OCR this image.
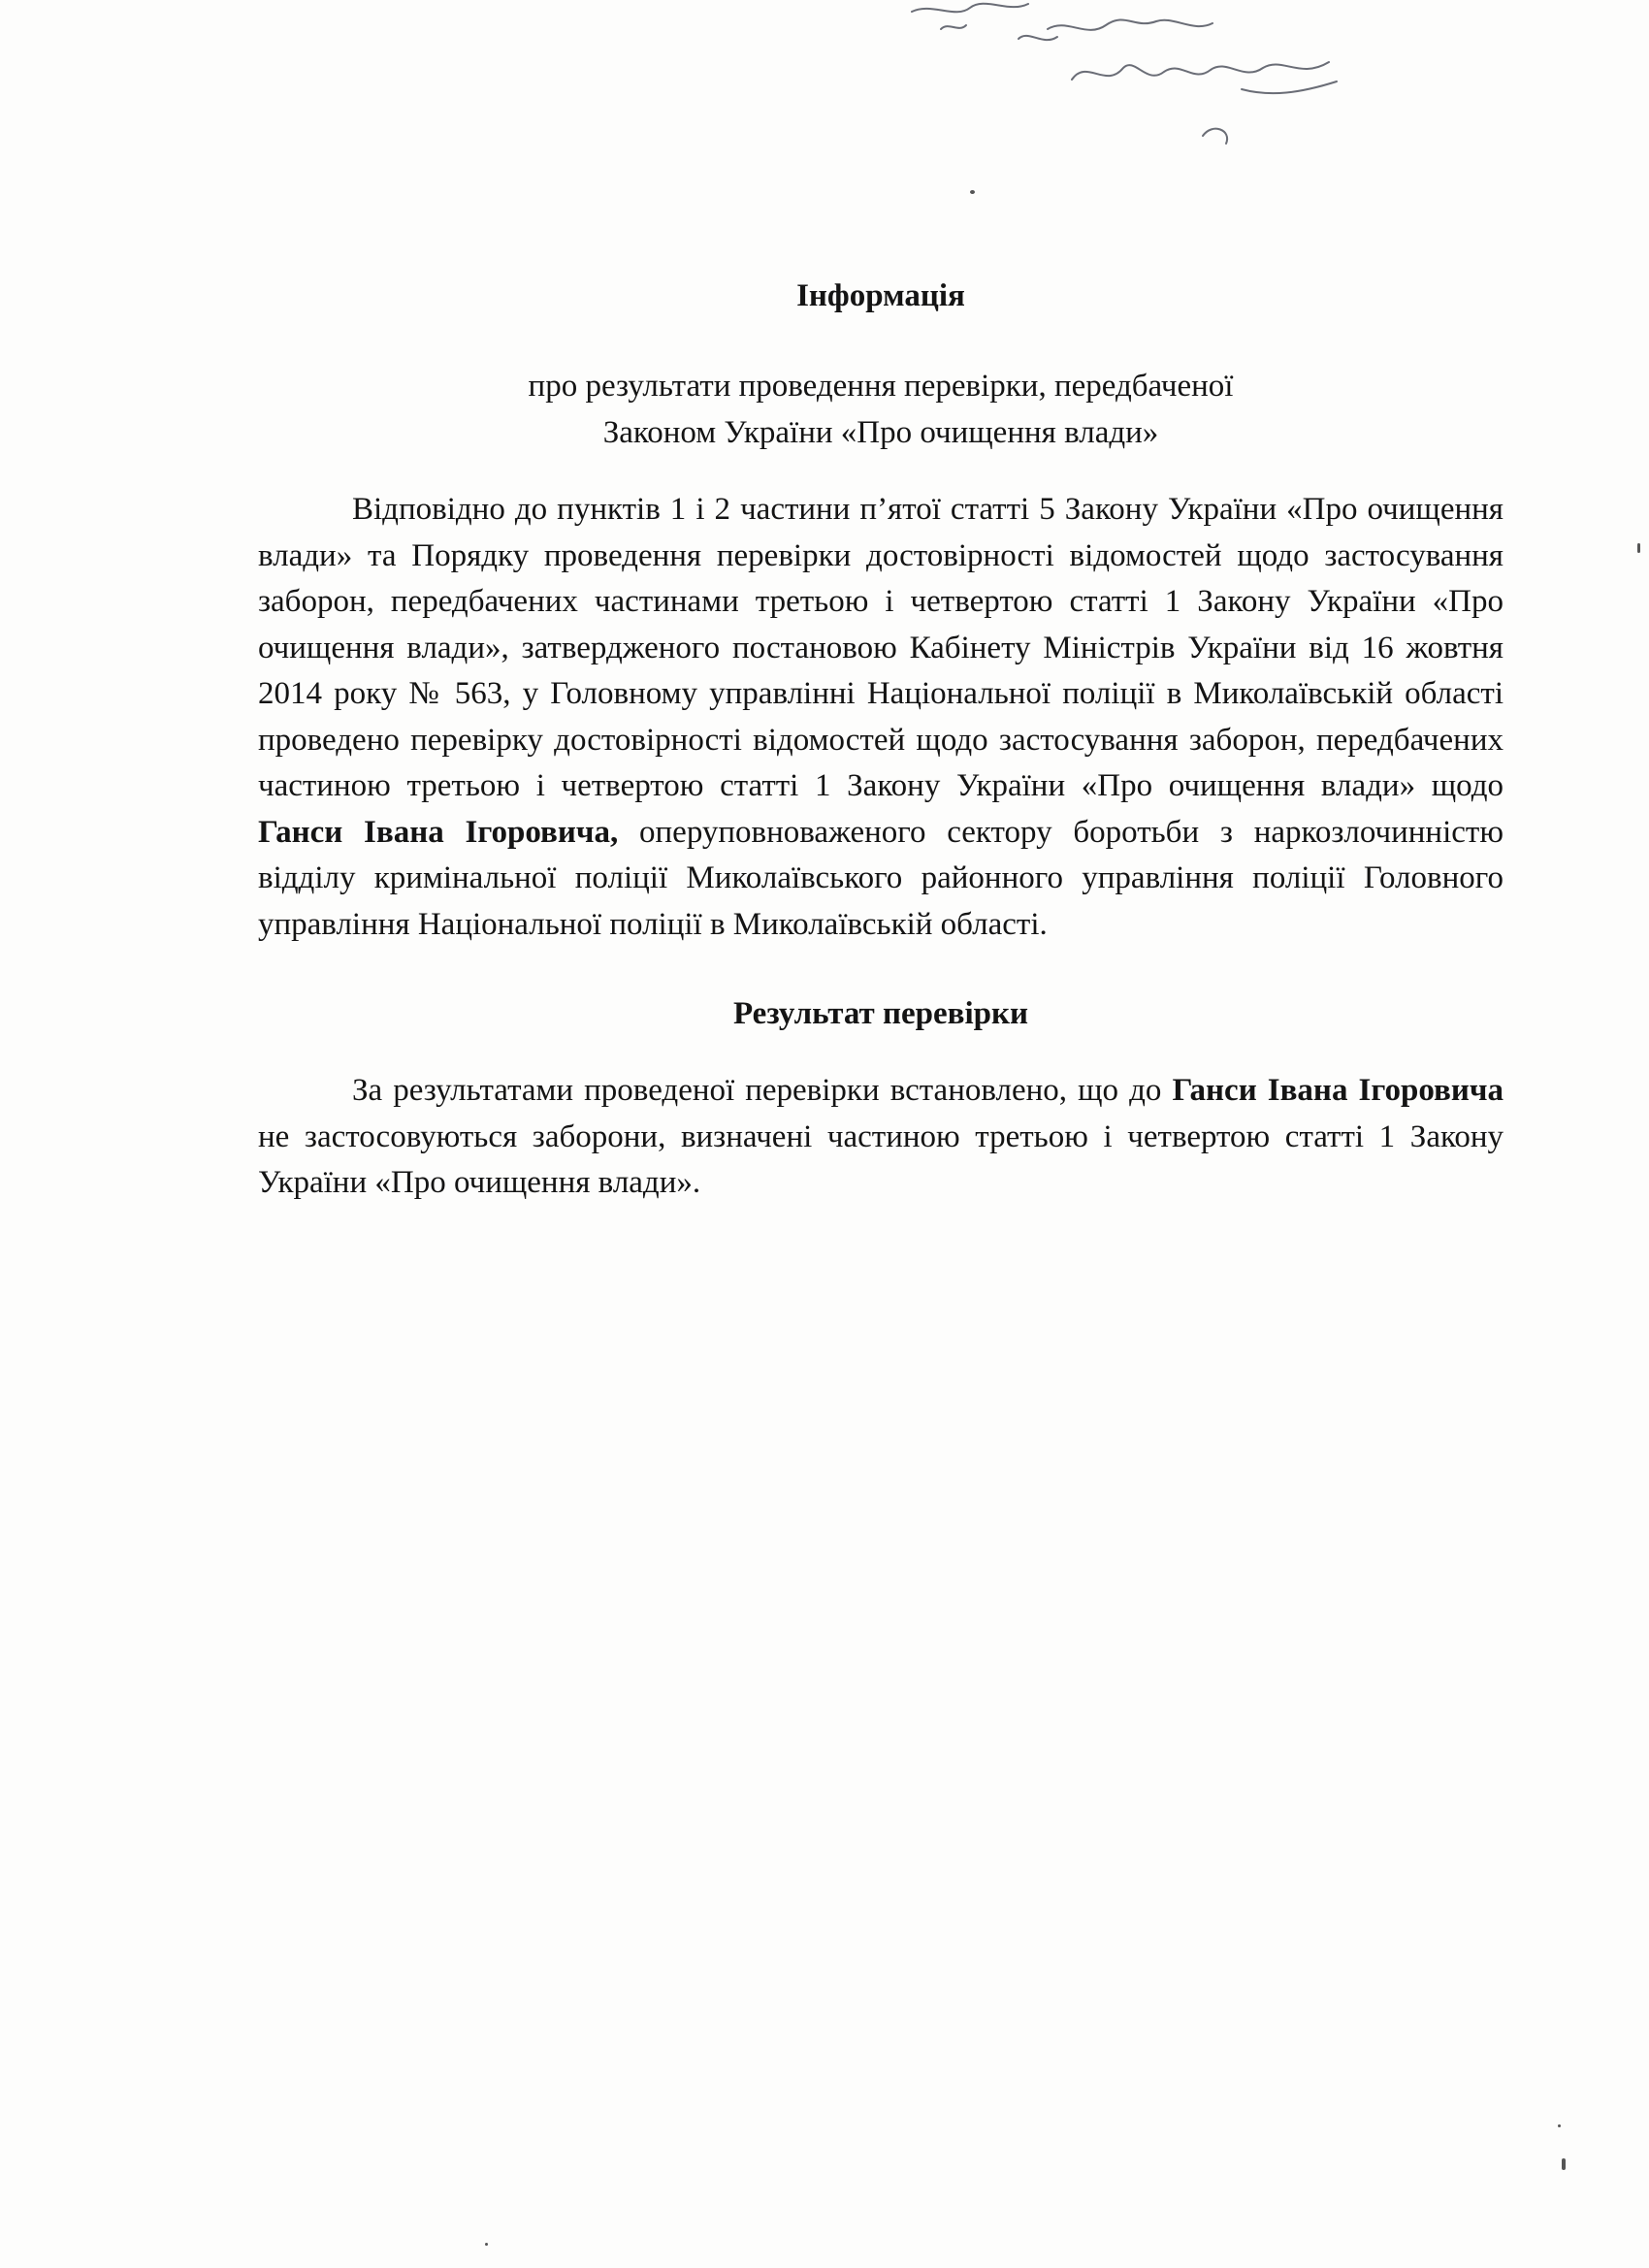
Інформація

про результати проведення перевірки, передбаченої

Законом України «Про очищення влади»

Відповідно до пунктів 1 і 2 частини п’ятої статті 5 Закону України «Про очищення влади» та Порядку проведення перевірки достовірності відомостей щодо застосування заборон, передбачених частинами третьою і четвертою статті 1 Закону України «Про очищення влади», затвердженого постановою Кабінету Міністрів України від 16 жовтня 2014 року № 563, у Головному управлінні Національної поліції в Миколаївській області проведено перевірку достовірності відомостей щодо застосування заборон, передбачених частиною третьою і четвертою статті 1 Закону України «Про очищення влади» щодо Ганси Івана Ігоровича, оперуповноваженого сектору боротьби з наркозлочинністю відділу кримінальної поліції Миколаївського районного управління поліції Головного управління Національної поліції в Миколаївській області.

Результат перевірки

За результатами проведеної перевірки встановлено, що до Ганси Івана Ігоровича не застосовуються заборони, визначені частиною третьою і четвертою статті 1 Закону України «Про очищення влади».
